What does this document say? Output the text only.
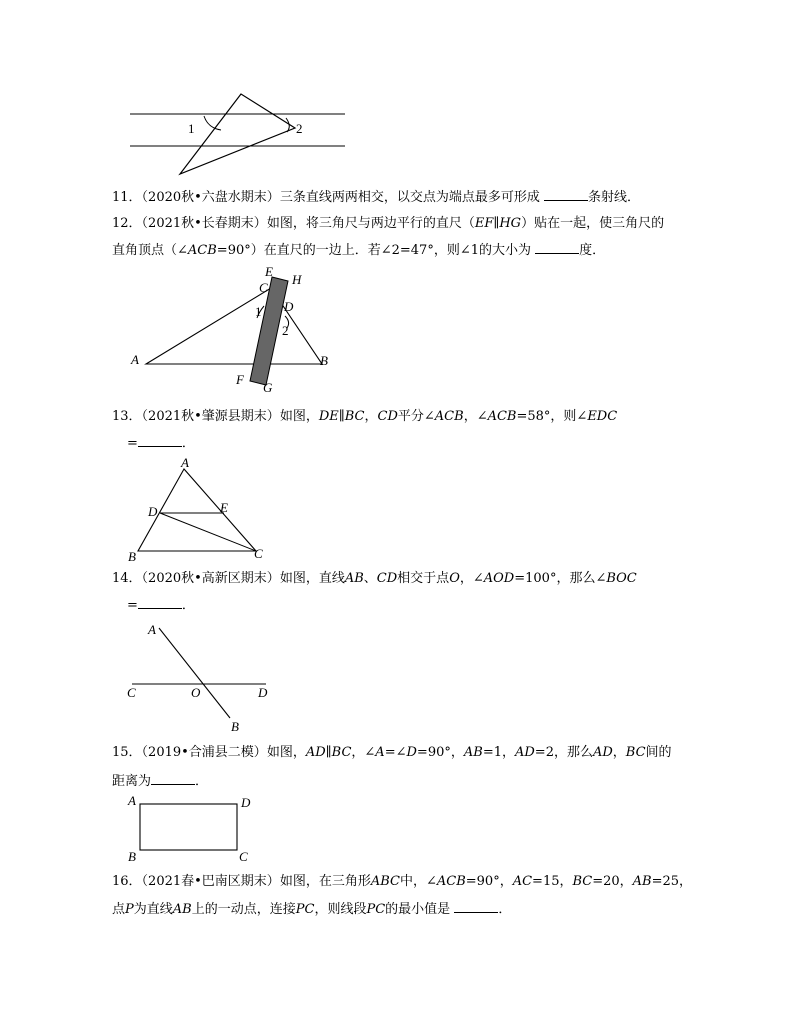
1	2
11．（2020秋•六盘水期末）三条直线两两相交，以交点为端点最多可形成	条射线．
12．（2021秋•长春期末）如图，将三角尺与两边平行的直尺（EF∥HG）贴在一起，使三角尺的
直角顶点（∠ACB=90°）在直尺的一边上．若∠2=47°，则∠1的大小为	度．
E
H
C
D
A	B
F
G
1
2
13．（2021秋•肇源县期末）如图，DE∥BC，CD平分∠ACB，∠ACB=58°，则∠EDC
=	．
A
D	E
B	C
14．（2020秋•高新区期末）如图，直线AB、CD相交于点O，∠AOD=100°，那么∠BOC
=	．
A
C	O	D
B
15．（2019•合浦县二模）如图，AD∥BC，∠A=∠D=90°，AB=1，AD=2，那么AD，BC间的
距离为	．
A	D
B	C
16．（2021春•巴南区期末）如图，在三角形ABC中，∠ACB=90°，AC=15，BC=20，AB=25，
点P为直线AB上的一动点，连接PC，则线段PC的最小值是	．
